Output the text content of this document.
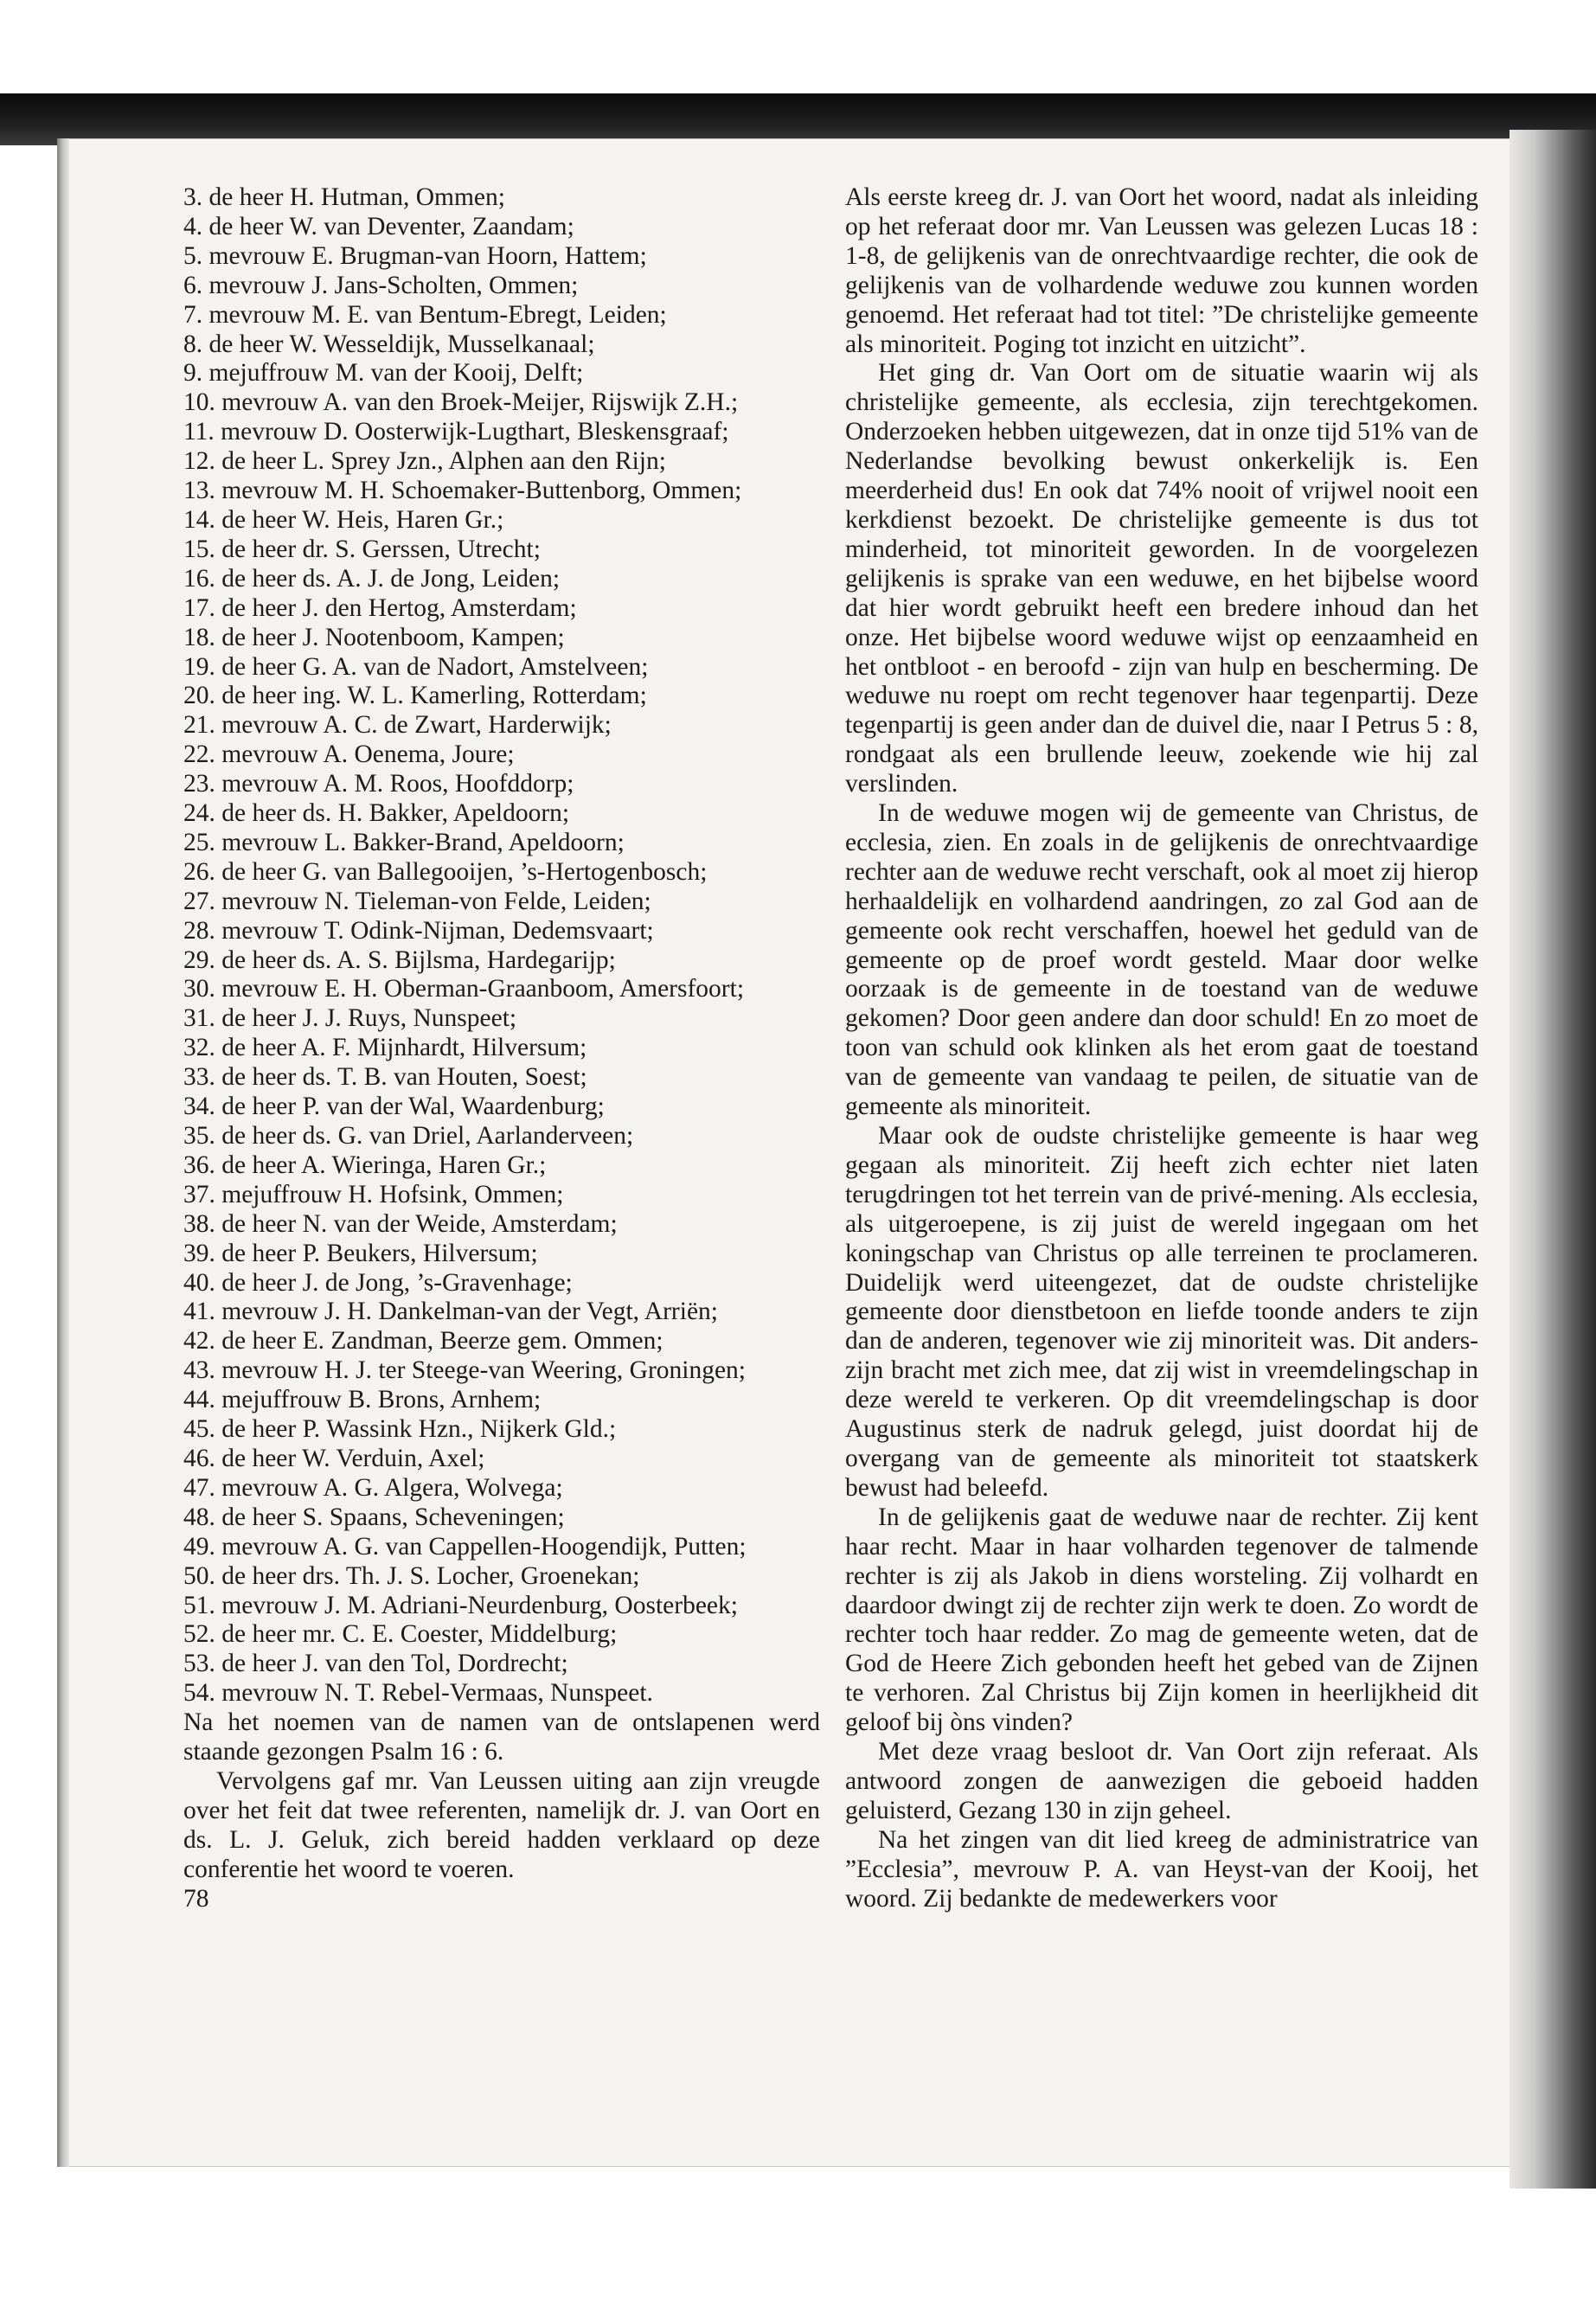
3. de heer H. Hutman, Ommen;

4. de heer W. van Deventer, Zaandam;

5. mevrouw E. Brugman-van Hoorn, Hattem;

6. mevrouw J. Jans-Scholten, Ommen;

7. mevrouw M. E. van Bentum-Ebregt, Leiden;

8. de heer W. Wesseldijk, Musselkanaal;

9. mejuffrouw M. van der Kooij, Delft;

10. mevrouw A. van den Broek-Meijer, Rijswijk Z.H.;

11. mevrouw D. Oosterwijk-Lugthart, Bleskensgraaf;

12. de heer L. Sprey Jzn., Alphen aan den Rijn;

13. mevrouw M. H. Schoemaker-Buttenborg, Ommen;

14. de heer W. Heis, Haren Gr.;

15. de heer dr. S. Gerssen, Utrecht;

16. de heer ds. A. J. de Jong, Leiden;

17. de heer J. den Hertog, Amsterdam;

18. de heer J. Nootenboom, Kampen;

19. de heer G. A. van de Nadort, Amstelveen;

20. de heer ing. W. L. Kamerling, Rotterdam;

21. mevrouw A. C. de Zwart, Harderwijk;

22. mevrouw A. Oenema, Joure;

23. mevrouw A. M. Roos, Hoofddorp;

24. de heer ds. H. Bakker, Apeldoorn;

25. mevrouw L. Bakker-Brand, Apeldoorn;

26. de heer G. van Ballegooijen, ’s-Hertogenbosch;

27. mevrouw N. Tieleman-von Felde, Leiden;

28. mevrouw T. Odink-Nijman, Dedemsvaart;

29. de heer ds. A. S. Bijlsma, Hardegarijp;

30. mevrouw E. H. Oberman-Graanboom, Amersfoort;

31. de heer J. J. Ruys, Nunspeet;

32. de heer A. F. Mijnhardt, Hilversum;

33. de heer ds. T. B. van Houten, Soest;

34. de heer P. van der Wal, Waardenburg;

35. de heer ds. G. van Driel, Aarlanderveen;

36. de heer A. Wieringa, Haren Gr.;

37. mejuffrouw H. Hofsink, Ommen;

38. de heer N. van der Weide, Amsterdam;

39. de heer P. Beukers, Hilversum;

40. de heer J. de Jong, ’s-Gravenhage;

41. mevrouw J. H. Dankelman-van der Vegt, Arriën;

42. de heer E. Zandman, Beerze gem. Ommen;

43. mevrouw H. J. ter Steege-van Weering, Groningen;

44. mejuffrouw B. Brons, Arnhem;

45. de heer P. Wassink Hzn., Nijkerk Gld.;

46. de heer W. Verduin, Axel;

47. mevrouw A. G. Algera, Wolvega;

48. de heer S. Spaans, Scheveningen;

49. mevrouw A. G. van Cappellen-Hoogendijk, Putten;

50. de heer drs. Th. J. S. Locher, Groenekan;

51. mevrouw J. M. Adriani-Neurdenburg, Oosterbeek;

52. de heer mr. C. E. Coester, Middelburg;

53. de heer J. van den Tol, Dordrecht;

54. mevrouw N. T. Rebel-Vermaas, Nunspeet.

Na het noemen van de namen van de ontslapenen werd staande gezongen Psalm 16 : 6.

Vervolgens gaf mr. Van Leussen uiting aan zijn vreugde over het feit dat twee referenten, namelijk dr. J. van Oort en ds. L. J. Geluk, zich bereid hadden verklaard op deze conferentie het woord te voeren.

78

Als eerste kreeg dr. J. van Oort het woord, nadat als inleiding op het referaat door mr. Van Leussen was gelezen Lucas 18 : 1-8, de gelijkenis van de onrechtvaardige rechter, die ook de gelijkenis van de volhardende weduwe zou kunnen worden genoemd. Het referaat had tot titel: ”De christelijke gemeente als minoriteit. Poging tot inzicht en uitzicht”.

Het ging dr. Van Oort om de situatie waarin wij als christelijke gemeente, als ecclesia, zijn terechtgekomen. Onderzoeken hebben uitgewezen, dat in onze tijd 51% van de Nederlandse bevolking bewust onkerkelijk is. Een meerderheid dus! En ook dat 74% nooit of vrijwel nooit een kerkdienst bezoekt. De christelijke gemeente is dus tot minderheid, tot minoriteit geworden. In de voorgelezen gelijkenis is sprake van een weduwe, en het bijbelse woord dat hier wordt gebruikt heeft een bredere inhoud dan het onze. Het bijbelse woord weduwe wijst op eenzaamheid en het ontbloot - en beroofd - zijn van hulp en bescherming. De weduwe nu roept om recht tegenover haar tegenpartij. Deze tegenpartij is geen ander dan de duivel die, naar I Petrus 5 : 8, rondgaat als een brullende leeuw, zoekende wie hij zal verslinden.

In de weduwe mogen wij de gemeente van Christus, de ecclesia, zien. En zoals in de gelijkenis de onrechtvaardige rechter aan de weduwe recht verschaft, ook al moet zij hierop herhaaldelijk en volhardend aandringen, zo zal God aan de gemeente ook recht verschaffen, hoewel het geduld van de gemeente op de proef wordt gesteld. Maar door welke oorzaak is de gemeente in de toestand van de weduwe gekomen? Door geen andere dan door schuld! En zo moet de toon van schuld ook klinken als het erom gaat de toestand van de gemeente van vandaag te peilen, de situatie van de gemeente als minoriteit.

Maar ook de oudste christelijke gemeente is haar weg gegaan als minoriteit. Zij heeft zich echter niet laten terugdringen tot het terrein van de privé-mening. Als ecclesia, als uitgeroepene, is zij juist de wereld ingegaan om het koningschap van Christus op alle terreinen te proclameren. Duidelijk werd uiteengezet, dat de oudste christelijke gemeente door dienstbetoon en liefde toonde anders te zijn dan de anderen, tegenover wie zij minoriteit was. Dit anders-zijn bracht met zich mee, dat zij wist in vreemdelingschap in deze wereld te verkeren. Op dit vreemdelingschap is door Augustinus sterk de nadruk gelegd, juist doordat hij de overgang van de gemeente als minoriteit tot staatskerk bewust had beleefd.

In de gelijkenis gaat de weduwe naar de rechter. Zij kent haar recht. Maar in haar volharden tegenover de talmende rechter is zij als Jakob in diens worsteling. Zij volhardt en daardoor dwingt zij de rechter zijn werk te doen. Zo wordt de rechter toch haar redder. Zo mag de gemeente weten, dat de God de Heere Zich gebonden heeft het gebed van de Zijnen te verhoren. Zal Christus bij Zijn komen in heerlijkheid dit geloof bij òns vinden?

Met deze vraag besloot dr. Van Oort zijn referaat. Als antwoord zongen de aanwezigen die geboeid hadden geluisterd, Gezang 130 in zijn geheel.

Na het zingen van dit lied kreeg de administratrice van ”Ecclesia”, mevrouw P. A. van Heyst-van der Kooij, het woord. Zij bedankte de medewerkers voor
